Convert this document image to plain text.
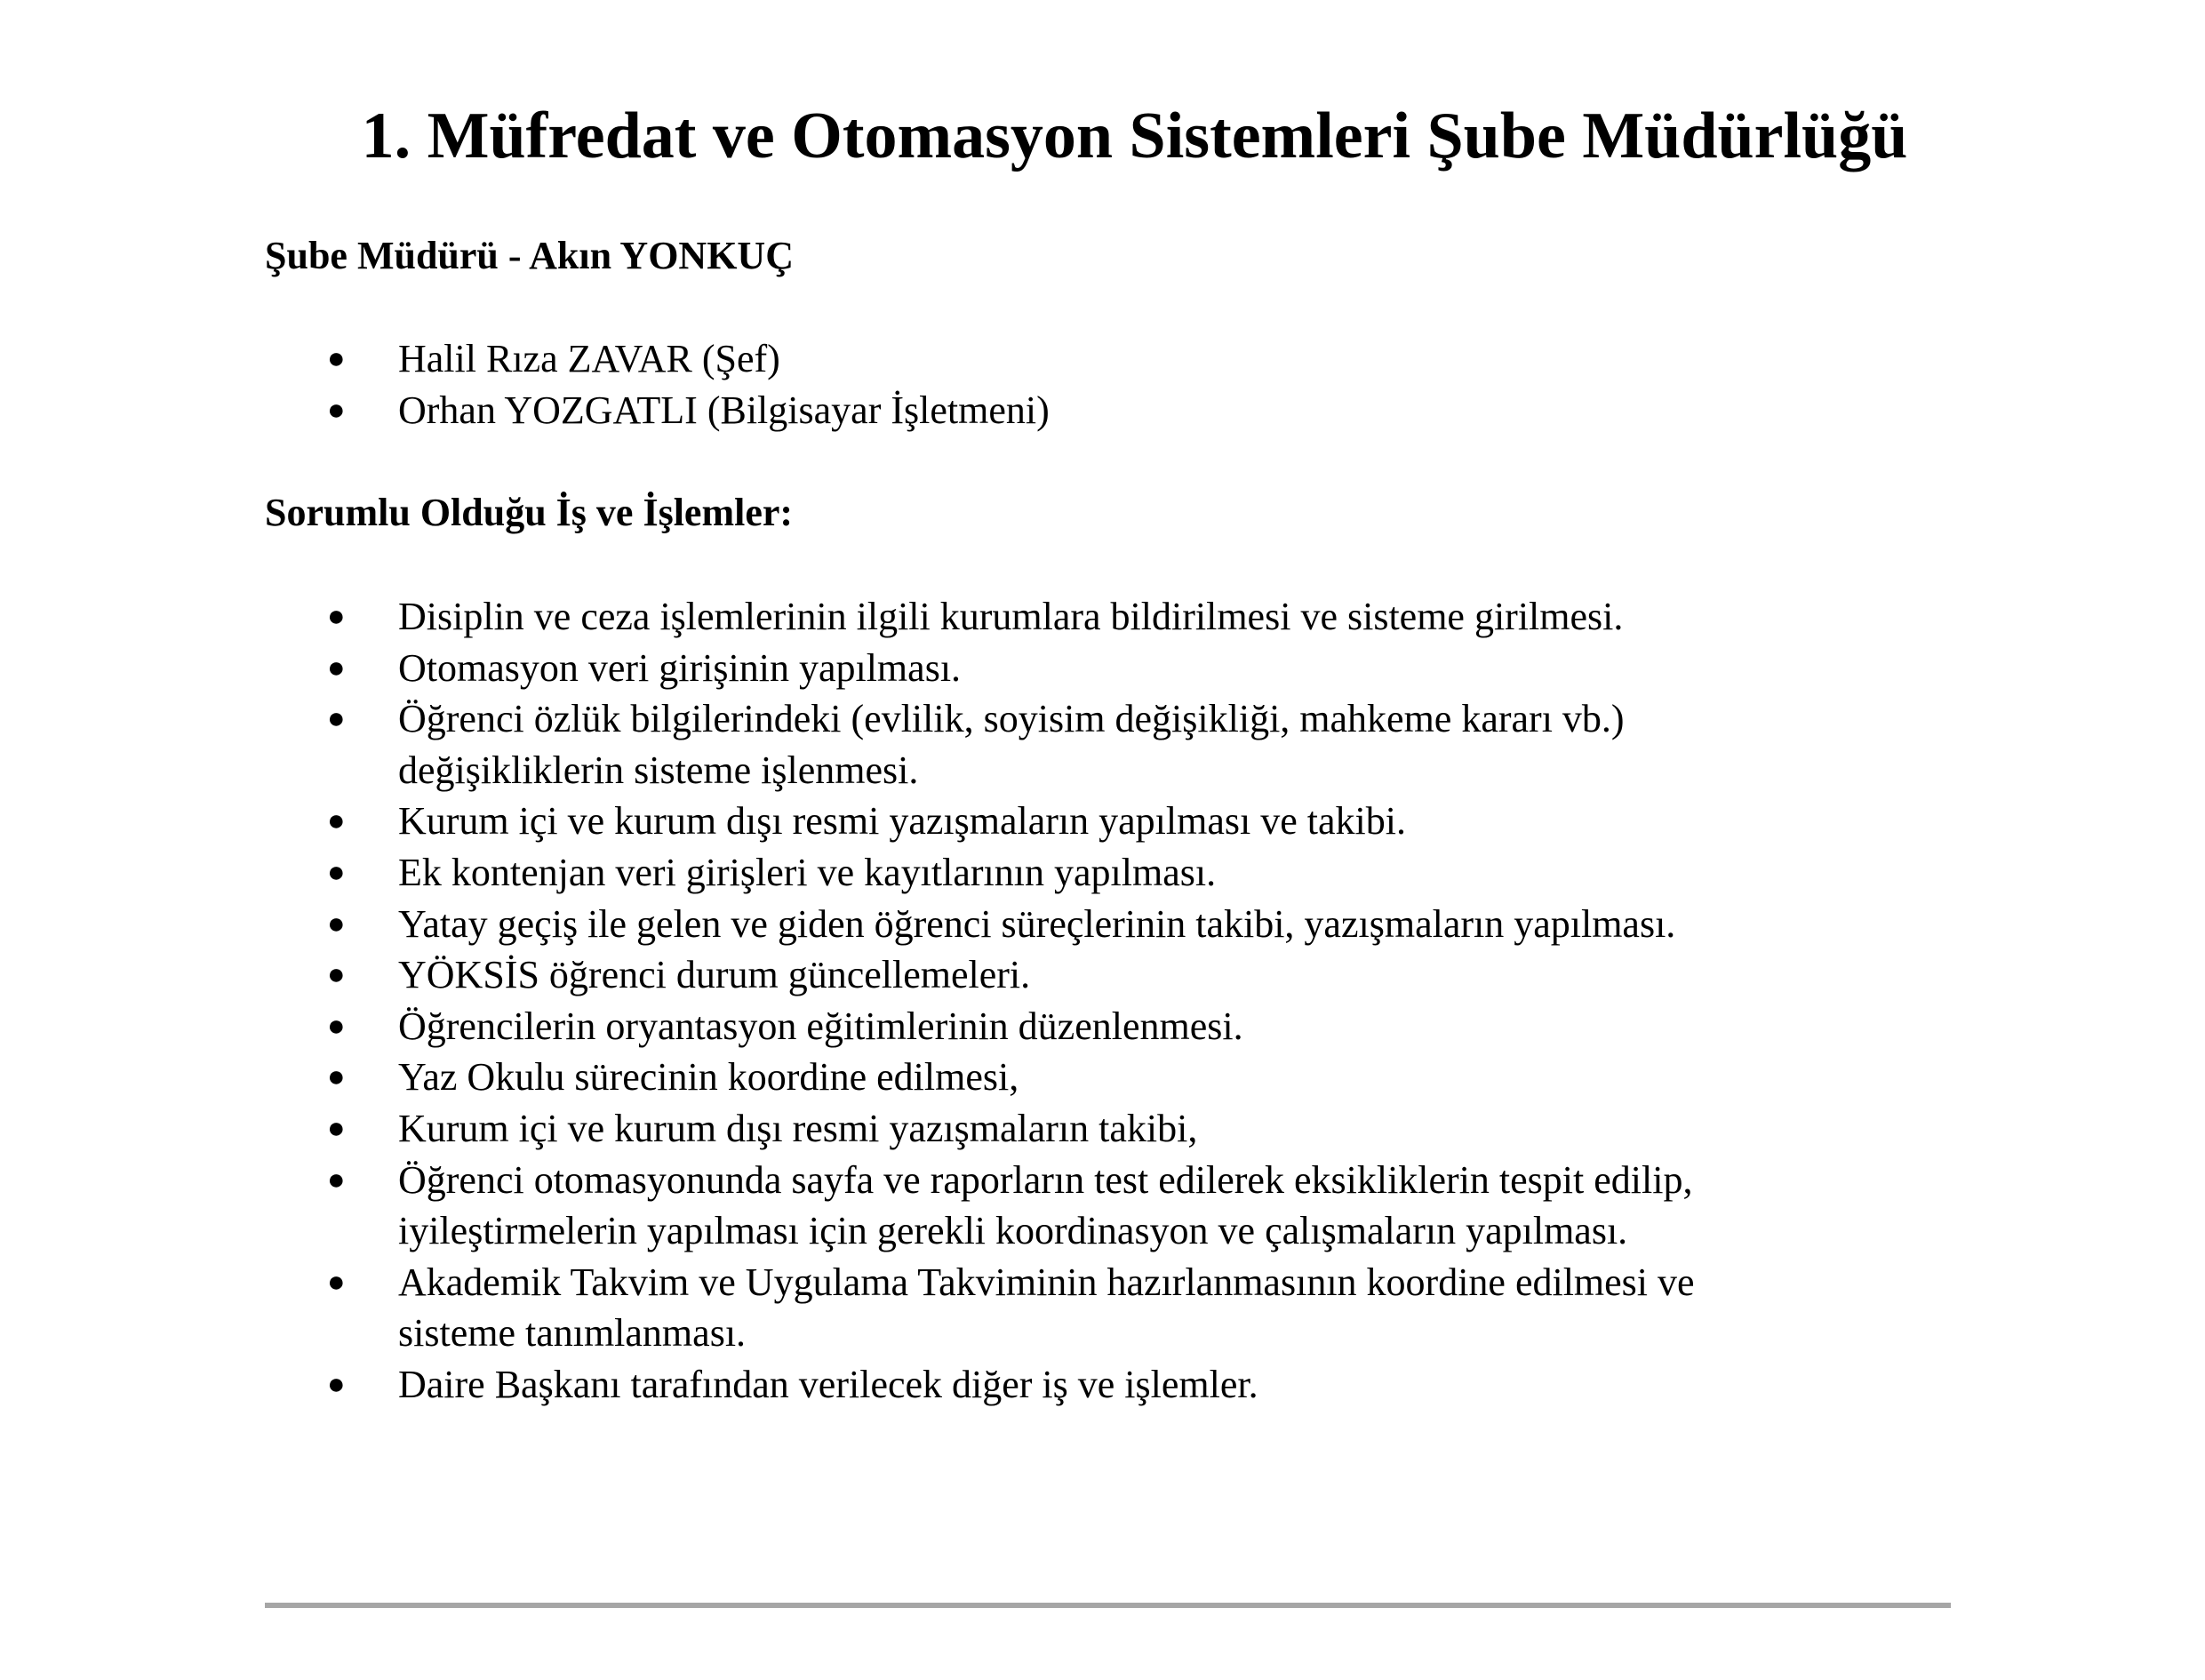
1. Müfredat ve Otomasyon Sistemleri Şube Müdürlüğü

Şube Müdürü - Akın YONKUÇ

●	Halil Rıza ZAVAR (Şef)
●	Orhan YOZGATLI (Bilgisayar İşletmeni)

Sorumlu Olduğu İş ve İşlemler:

●	Disiplin ve ceza işlemlerinin ilgili kurumlara bildirilmesi ve sisteme girilmesi.
●	Otomasyon veri girişinin yapılması.
●	Öğrenci özlük bilgilerindeki (evlilik, soyisim değişikliği, mahkeme kararı vb.)
değişikliklerin sisteme işlenmesi.
●	Kurum içi ve kurum dışı resmi yazışmaların yapılması ve takibi.
●	Ek kontenjan veri girişleri ve kayıtlarının yapılması.
●	Yatay geçiş ile gelen ve giden öğrenci süreçlerinin takibi, yazışmaların yapılması.
●	YÖKSİS öğrenci durum güncellemeleri.
●	Öğrencilerin oryantasyon eğitimlerinin düzenlenmesi.
●	Yaz Okulu sürecinin koordine edilmesi,
●	Kurum içi ve kurum dışı resmi yazışmaların takibi,
●	Öğrenci otomasyonunda sayfa ve raporların test edilerek eksikliklerin tespit edilip,
iyileştirmelerin yapılması için gerekli koordinasyon ve çalışmaların yapılması.
●	Akademik Takvim ve Uygulama Takviminin hazırlanmasının koordine edilmesi ve
sisteme tanımlanması.
●	Daire Başkanı tarafından verilecek diğer iş ve işlemler.
